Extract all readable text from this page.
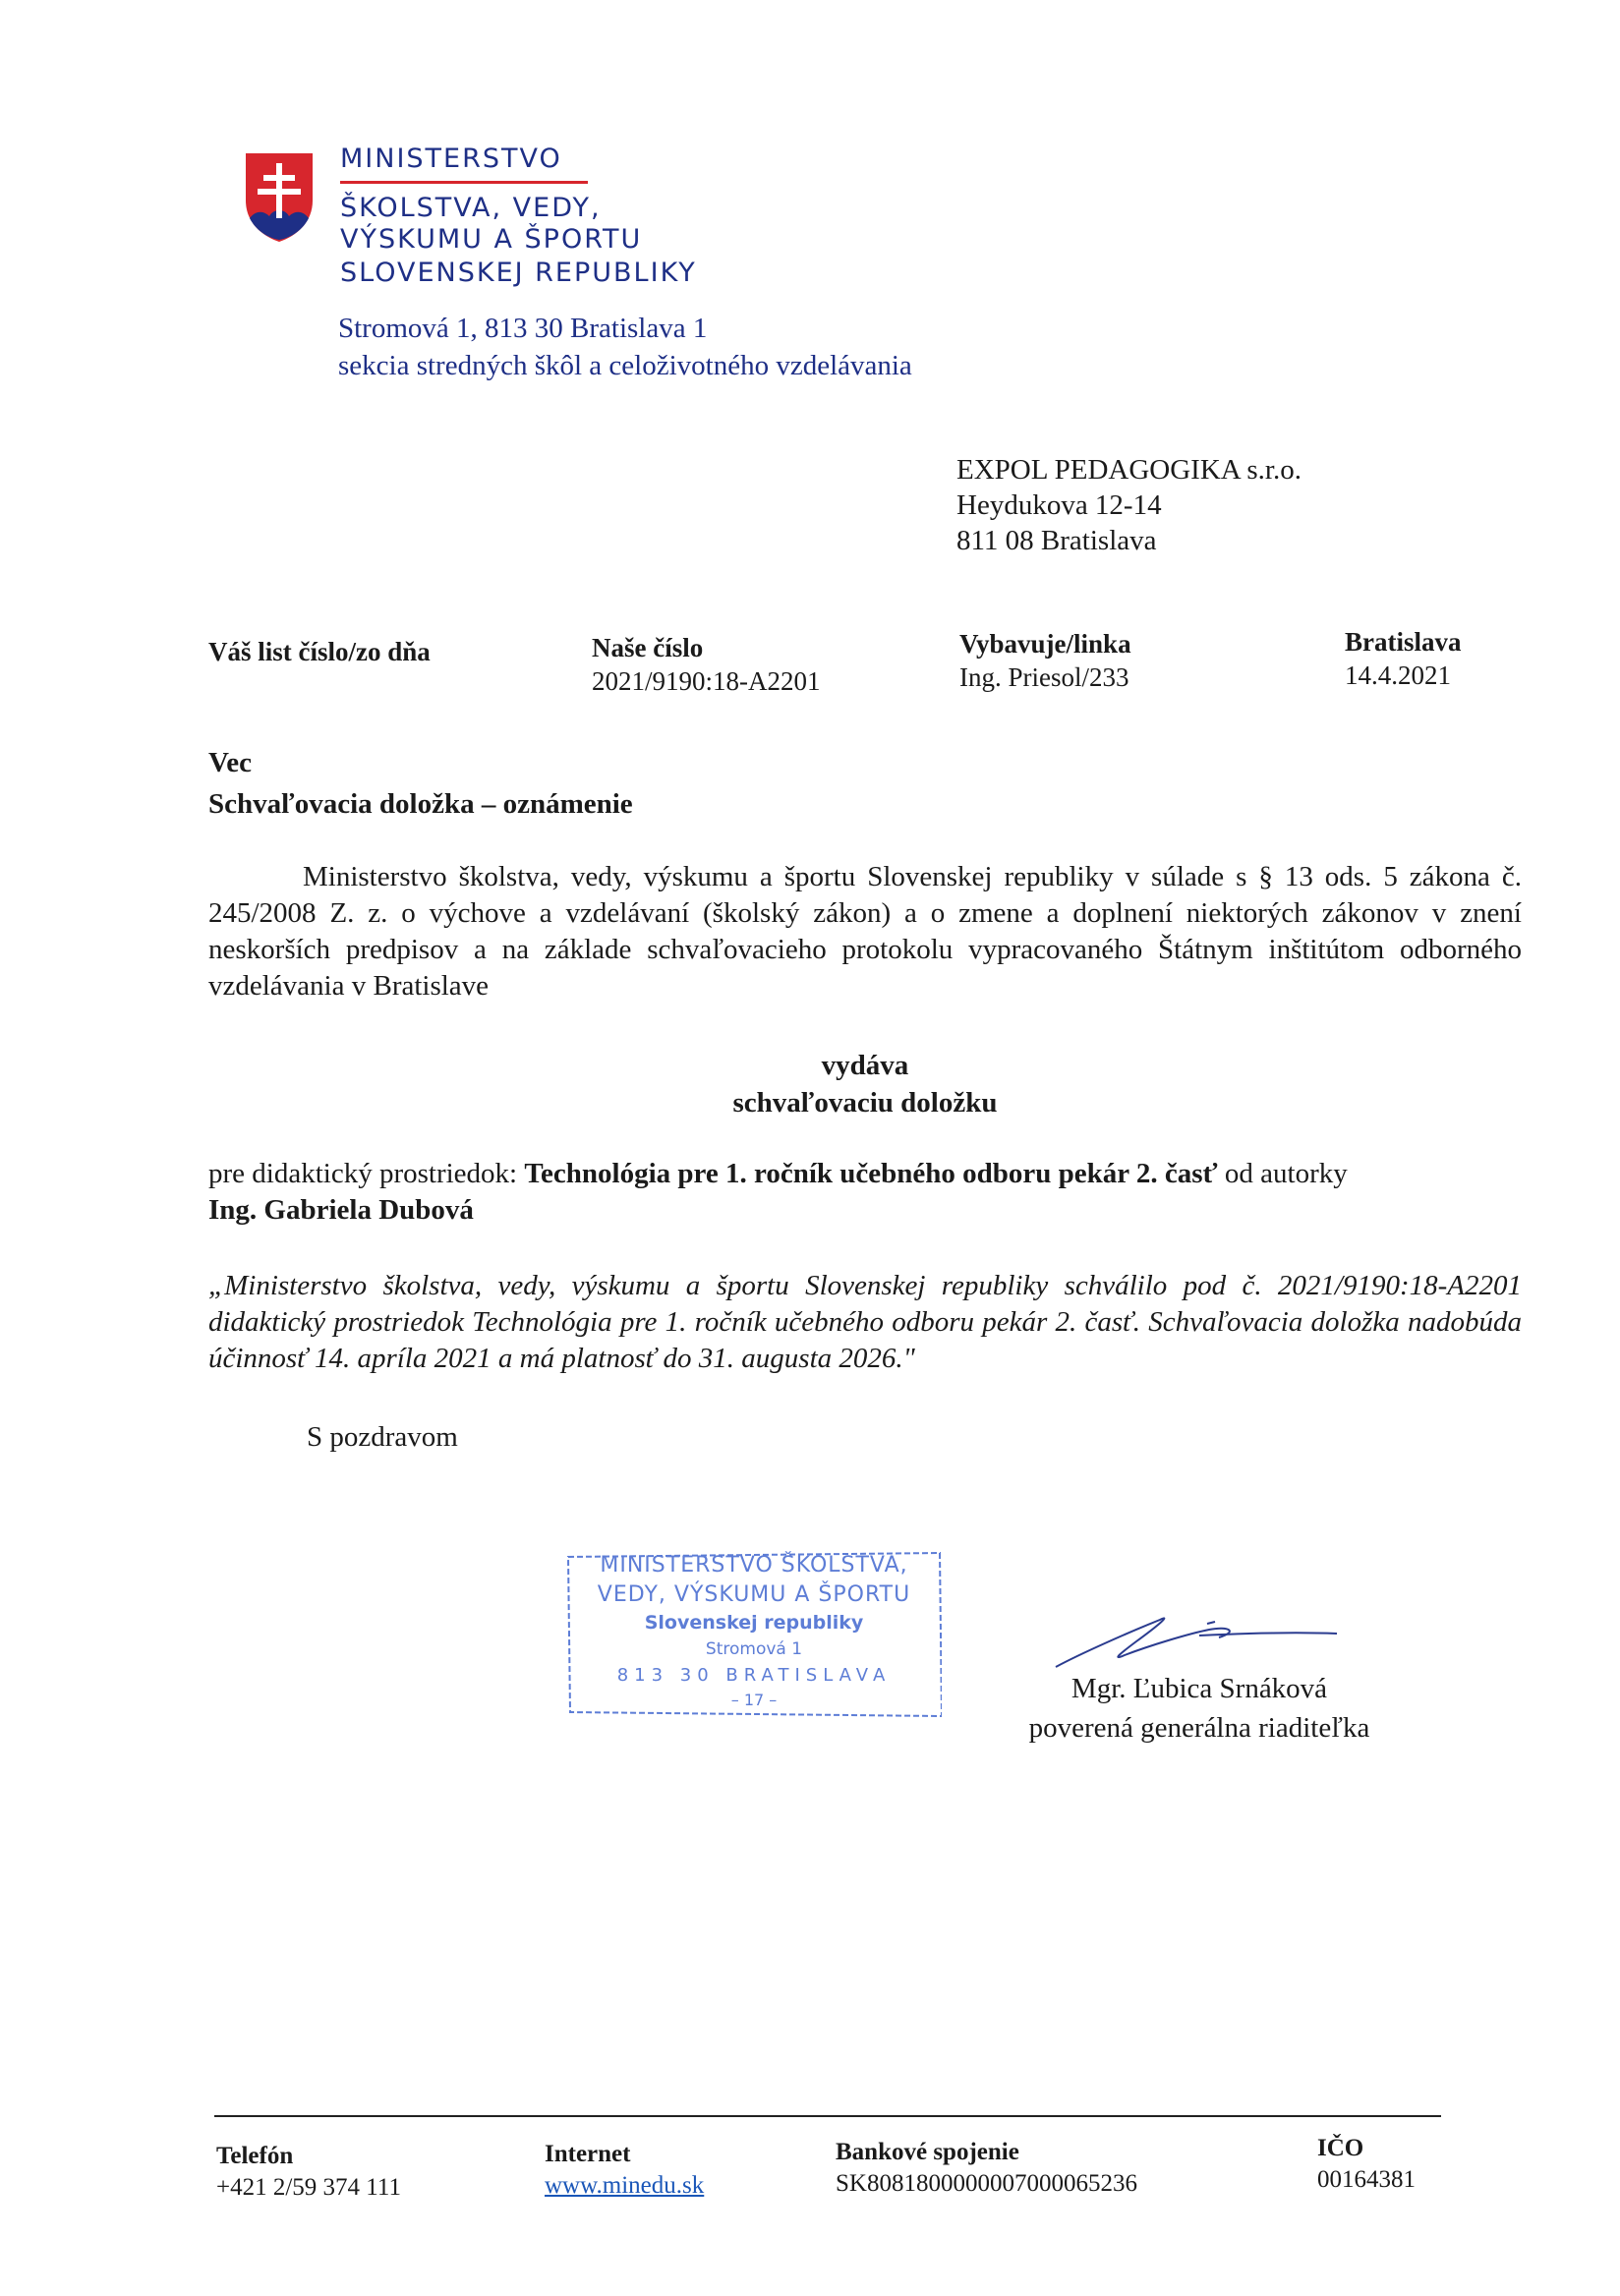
MINISTERSTVO
ŠKOLSTVA, VEDY,
VÝSKUMU A ŠPORTU
SLOVENSKEJ REPUBLIKY
Stromová 1, 813 30 Bratislava 1
sekcia stredných škôl a celoživotného vzdelávania
EXPOL PEDAGOGIKA s.r.o.
Heydukova 12-14
811 08 Bratislava
Váš list číslo/zo dňa	Naše číslo
2021/9190:18-A2201
Vybavuje/linka
Ing. Priesol/233
Bratislava
14.4.2021
Vec
Schvaľovacia doložka – oznámenie

Ministerstvo školstva, vedy, výskumu a športu Slovenskej republiky v súlade s § 13 ods. 5 zákona č. 245/2008 Z. z. o výchove a vzdelávaní (školský zákon) a o zmene a doplnení niektorých zákonov v znení neskorších predpisov a na základe schvaľovacieho protokolu vypracovaného Štátnym inštitútom odborného vzdelávania v Bratislave

vydáva
schvaľovaciu doložku

pre didaktický prostriedok: Technológia pre 1. ročník učebného odboru pekár 2. časť od autorky
Ing. Gabriela Dubová

„Ministerstvo školstva, vedy, výskumu a športu Slovenskej republiky schválilo pod č. 2021/9190:18-A2201 didaktický prostriedok Technológia pre 1. ročník učebného odboru pekár 2. časť. Schvaľovacia doložka nadobúda účinnosť 14. apríla 2021 a má platnosť do 31. augusta 2026."
S pozdravom
MINISTERSTVO ŠKOLSTVA,
VEDY, VÝSKUMU A ŠPORTU
Slovenskej republiky
Stromová 1
813 30 BRATISLAVA
– 17 –	Mgr. Ľubica Srnáková
poverená generálna riaditeľka
Telefón
+421 2/59 374 111
Internet
www.minedu.sk
Bankové spojenie
SK8081800000007000065236
IČO
00164381
